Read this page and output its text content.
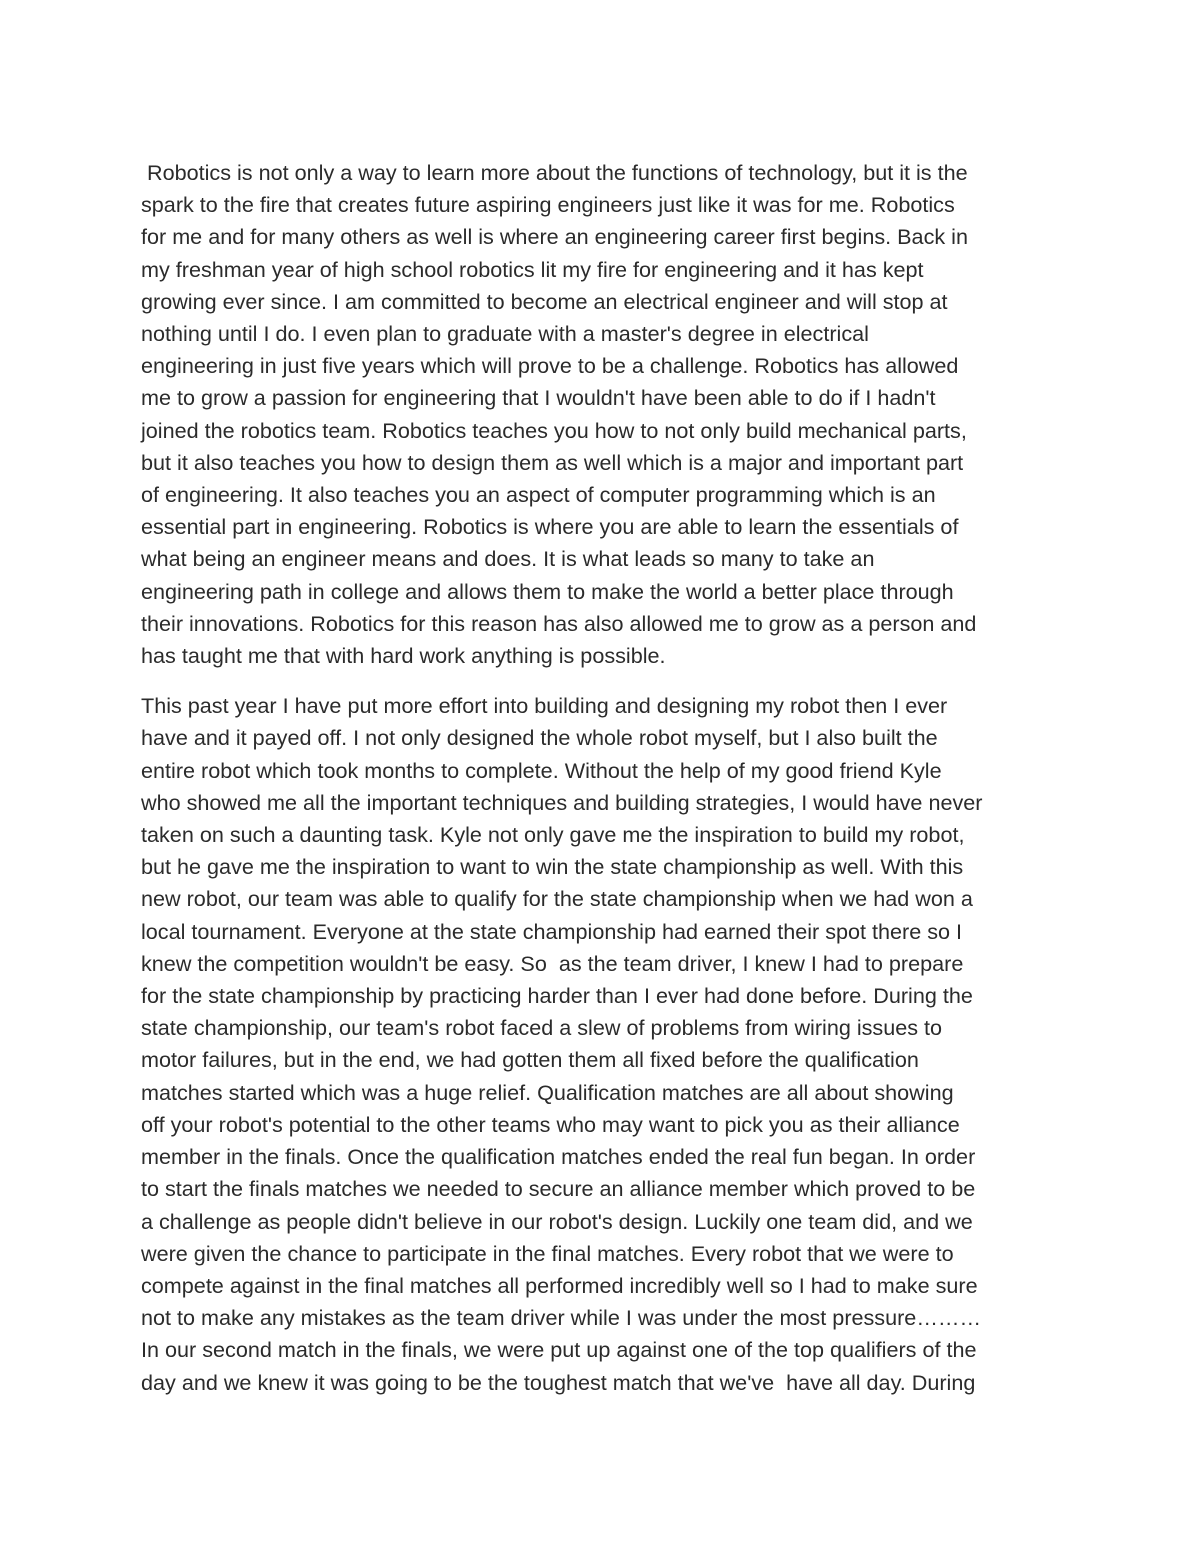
Robotics is not only a way to learn more about the functions of technology, but it is the
spark to the fire that creates future aspiring engineers just like it was for me. Robotics
for me and for many others as well is where an engineering career first begins. Back in
my freshman year of high school robotics lit my fire for engineering and it has kept
growing ever since. I am committed to become an electrical engineer and will stop at
nothing until I do. I even plan to graduate with a master's degree in electrical
engineering in just five years which will prove to be a challenge. Robotics has allowed
me to grow a passion for engineering that I wouldn't have been able to do if I hadn't
joined the robotics team. Robotics teaches you how to not only build mechanical parts,
but it also teaches you how to design them as well which is a major and important part
of engineering. It also teaches you an aspect of computer programming which is an
essential part in engineering. Robotics is where you are able to learn the essentials of
what being an engineer means and does. It is what leads so many to take an
engineering path in college and allows them to make the world a better place through
their innovations. Robotics for this reason has also allowed me to grow as a person and
has taught me that with hard work anything is possible.
This past year I have put more effort into building and designing my robot then I ever
have and it payed off. I not only designed the whole robot myself, but I also built the
entire robot which took months to complete. Without the help of my good friend Kyle
who showed me all the important techniques and building strategies, I would have never
taken on such a daunting task. Kyle not only gave me the inspiration to build my robot,
but he gave me the inspiration to want to win the state championship as well. With this
new robot, our team was able to qualify for the state championship when we had won a
local tournament. Everyone at the state championship had earned their spot there so I
knew the competition wouldn't be easy. So  as the team driver, I knew I had to prepare
for the state championship by practicing harder than I ever had done before. During the
state championship, our team's robot faced a slew of problems from wiring issues to
motor failures, but in the end, we had gotten them all fixed before the qualification
matches started which was a huge relief. Qualification matches are all about showing
off your robot's potential to the other teams who may want to pick you as their alliance
member in the finals. Once the qualification matches ended the real fun began. In order
to start the finals matches we needed to secure an alliance member which proved to be
a challenge as people didn't believe in our robot's design. Luckily one team did, and we
were given the chance to participate in the final matches. Every robot that we were to
compete against in the final matches all performed incredibly well so I had to make sure
not to make any mistakes as the team driver while I was under the most pressure………
In our second match in the finals, we were put up against one of the top qualifiers of the
day and we knew it was going to be the toughest match that we've  have all day. During
